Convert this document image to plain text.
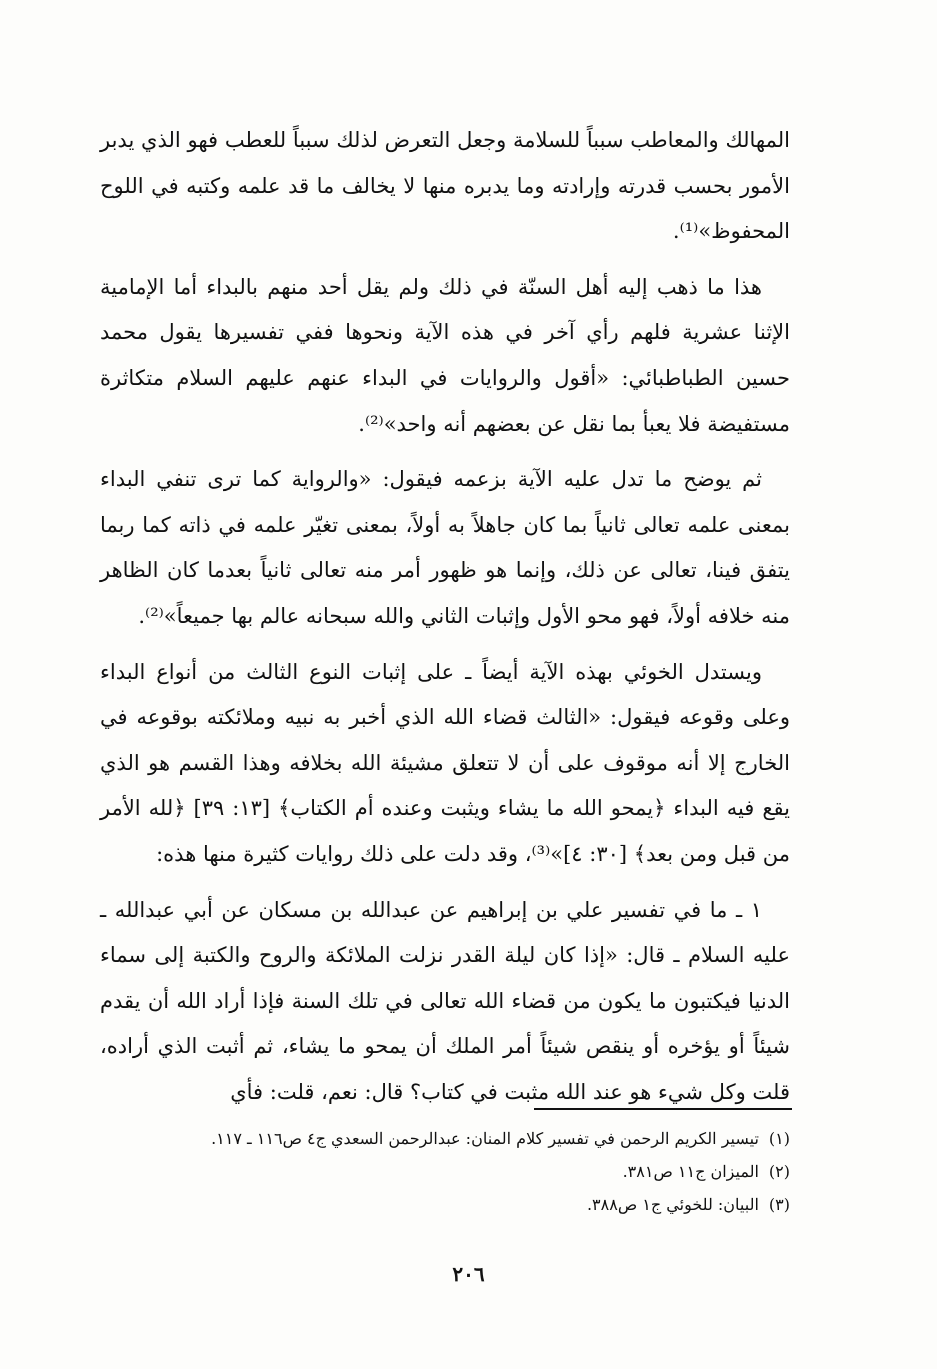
المهالك والمعاطب سبباً للسلامة وجعل التعرض لذلك سبباً للعطب فهو الذي يدبر الأمور بحسب قدرته وإرادته وما يدبره منها لا يخالف ما قد علمه وكتبه في اللوح المحفوظ»⁽¹⁾.

هذا ما ذهب إليه أهل السنّة في ذلك ولم يقل أحد منهم بالبداء أما الإمامية الإثنا عشرية فلهم رأي آخر في هذه الآية ونحوها ففي تفسيرها يقول محمد حسين الطباطبائي: «أقول والروايات في البداء عنهم عليهم السلام متكاثرة مستفيضة فلا يعبأ بما نقل عن بعضهم أنه واحد»⁽²⁾.

ثم يوضح ما تدل عليه الآية بزعمه فيقول: «والرواية كما ترى تنفي البداء بمعنى علمه تعالى ثانياً بما كان جاهلاً به أولاً، بمعنى تغيّر علمه في ذاته كما ربما يتفق فينا، تعالى عن ذلك، وإنما هو ظهور أمر منه تعالى ثانياً بعدما كان الظاهر منه خلافه أولاً، فهو محو الأول وإثبات الثاني والله سبحانه عالم بها جميعاً»⁽²⁾.

ويستدل الخوئي بهذه الآية أيضاً ـ على إثبات النوع الثالث من أنواع البداء وعلى وقوعه فيقول: «الثالث قضاء الله الذي أخبر به نبيه وملائكته بوقوعه في الخارج إلا أنه موقوف على أن لا تتعلق مشيئة الله بخلافه وهذا القسم هو الذي يقع فيه البداء ﴿يمحو الله ما يشاء ويثبت وعنده أم الكتاب﴾ [١٣: ٣٩] ﴿لله الأمر من قبل ومن بعد﴾ [٣٠: ٤]»⁽³⁾، وقد دلت على ذلك روايات كثيرة منها هذه:

١ ـ ما في تفسير علي بن إبراهيم عن عبدالله بن مسكان عن أبي عبدالله ـ عليه السلام ـ قال: «إذا كان ليلة القدر نزلت الملائكة والروح والكتبة إلى سماء الدنيا فيكتبون ما يكون من قضاء الله تعالى في تلك السنة فإذا أراد الله أن يقدم شيئاً أو يؤخره أو ينقص شيئاً أمر الملك أن يمحو ما يشاء، ثم أثبت الذي أراده، قلت وكل شيء هو عند الله مثبت في كتاب؟ قال: نعم، قلت: فأي

(١)تيسير الكريم الرحمن في تفسير كلام المنان: عبدالرحمن السعدي ج٤ ص١١٦ ـ ١١٧.
(٢)الميزان ج١١ ص٣٨١.
(٣)البيان: للخوئي ج١ ص٣٨٨.
٢٠٦
